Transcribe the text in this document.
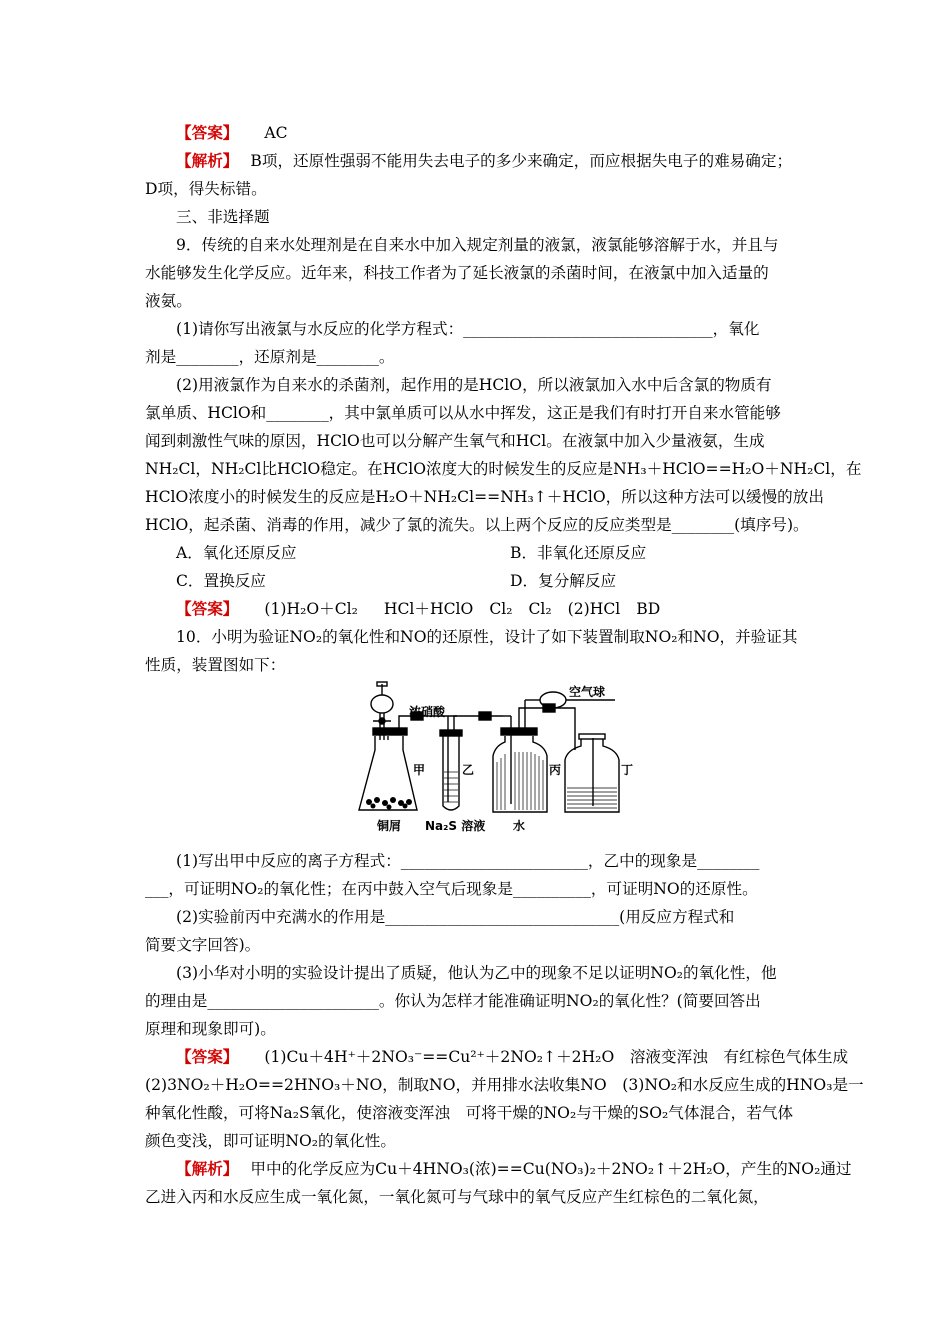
【答案】 AC
【解析】 B项，还原性强弱不能用失去电子的多少来确定，而应根据失电子的难易确定；
D项，得失标错。
三、非选择题
9．传统的自来水处理剂是在自来水中加入规定剂量的液氯，液氯能够溶解于水，并且与
水能够发生化学反应。近年来，科技工作者为了延长液氯的杀菌时间，在液氯中加入适量的
液氨。
(1)请你写出液氯与水反应的化学方程式：________________________________，氧化
剂是________，还原剂是________。
(2)用液氯作为自来水的杀菌剂，起作用的是HClO，所以液氯加入水中后含氯的物质有
氯单质、HClO和________，其中氯单质可以从水中挥发，这正是我们有时打开自来水管能够
闻到刺激性气味的原因，HClO也可以分解产生氧气和HCl。在液氯中加入少量液氨，生成
NH₂Cl，NH₂Cl比HClO稳定。在HClO浓度大的时候发生的反应是NH₃＋HClO==H₂O＋NH₂Cl，在
HClO浓度小的时候发生的反应是H₂O＋NH₂Cl==NH₃↑＋HClO，所以这种方法可以缓慢的放出
HClO，起杀菌、消毒的作用，减少了氯的流失。以上两个反应的反应类型是________(填序号)。
A．氧化还原反应	B．非氧化还原反应
C．置换反应	D．复分解反应
【答案】 (1)H₂O＋Cl₂ HCl＋HClO Cl₂ Cl₂ (2)HCl BD
10．小明为验证NO₂的氧化性和NO的还原性，设计了如下装置制取NO₂和NO，并验证其
性质，装置图如下：
浓硝酸
空气球
甲	乙	丙	丁
铜屑 Na₂S 溶液 水
(1)写出甲中反应的离子方程式：________________________，乙中的现象是________
___，可证明NO₂的氧化性；在丙中鼓入空气后现象是__________，可证明NO的还原性。
(2)实验前丙中充满水的作用是______________________________(用反应方程式和
简要文字回答)。
(3)小华对小明的实验设计提出了质疑，他认为乙中的现象不足以证明NO₂的氧化性，他
的理由是______________________。你认为怎样才能准确证明NO₂的氧化性？(简要回答出
原理和现象即可)。
【答案】 (1)Cu＋4H⁺＋2NO₃⁻==Cu²⁺＋2NO₂↑＋2H₂O　溶液变浑浊　有红棕色气体生成
(2)3NO₂＋H₂O==2HNO₃＋NO，制取NO，并用排水法收集NO　(3)NO₂和水反应生成的HNO₃是一
种氧化性酸，可将Na₂S氧化，使溶液变浑浊　可将干燥的NO₂与干燥的SO₂气体混合，若气体
颜色变浅，即可证明NO₂的氧化性。
【解析】 甲中的化学反应为Cu＋4HNO₃(浓)==Cu(NO₃)₂＋2NO₂↑＋2H₂O，产生的NO₂通过
乙进入丙和水反应生成一氧化氮，一氧化氮可与气球中的氧气反应产生红棕色的二氧化氮，
